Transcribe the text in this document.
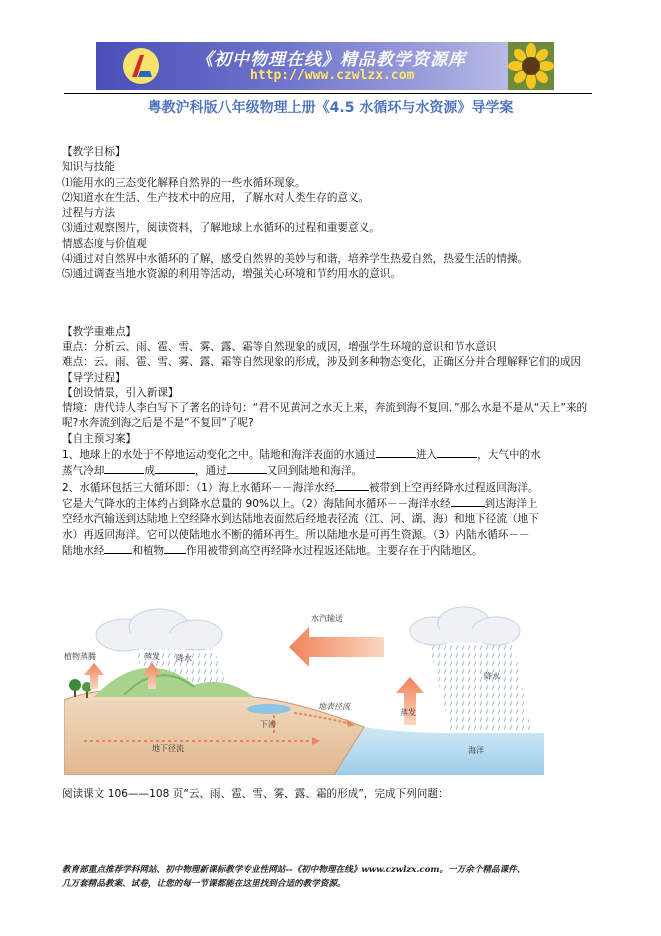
《初中物理在线》精品教学资源库
http://www.czwlzx.com
粤教沪科版八年级物理上册《4.5 水循环与水资源》导学案

【教学目标】

知识与技能

⑴能用水的三态变化解释自然界的一些水循环现象。

⑵知道水在生活、生产技术中的应用，了解水对人类生存的意义。

过程与方法

⑶通过观察图片，阅读资料，了解地球上水循环的过程和重要意义。

情感态度与价值观

⑷通过对自然界中水循环的了解，感受自然界的美妙与和谐，培养学生热爱自然，热爱生活的情操。

⑸通过调查当地水资源的利用等活动，增强关心环境和节约用水的意识。

【教学重难点】

重点：分析云、雨、雹、雪、雾、露、霜等自然现象的成因，增强学生环境的意识和节水意识

难点：云、雨、雹、雪、雾、露、霜等自然现象的形成，涉及到多种物态变化，正确区分并合理解释它们的成因

【导学过程】

【创设情景，引入新课】

情境：唐代诗人李白写下了著名的诗句：“君不见黄河之水天上来，奔流到海不复回．”那么水是不是从“天上”来的呢?水奔流到海之后是不是“不复回”了呢?

【自主预习案】

1、地球上的水处于不停地运动变化之中。陆地和海洋表面的水通过	进入	，大气中的水

蒸气冷却	成	，通过	又回到陆地和海洋。

2、水循环包括三大循环即：（1）海上水循环－－海洋水经	被带到上空再经降水过程返回海洋。

它是大气降水的主体约占到降水总量的 90%以上。（2）海陆间水循环－－海洋水经	到达海洋上

空经水汽输送到达陆地上空经降水到达陆地表面然后经地表径流（江、河、湖、海）和地下径流（地下

水）再返回海洋。它可以使陆地水不断的循环再生。所以陆地水是可再生资源。（3）内陆水循环－－

陆地水经	和植物 作用被带到高空再经降水过程返还陆地。主要存在于内陆地区。

水汽输送
降水
降水
植物蒸腾	蒸发
蒸发
下渗
地表径流
地下径流	海洋
阅读课文 106——108 页“云、雨、雹、雪、雾、露、霜的形成”，完成下列问题：
教育部重点推荐学科网站、初中物理新课标教学专业性网站--《初中物理在线》www.czwlzx.com。一万余个精品课件、
几万套精品教案、试卷，让您的每一节课都能在这里找到合适的教学资源。
